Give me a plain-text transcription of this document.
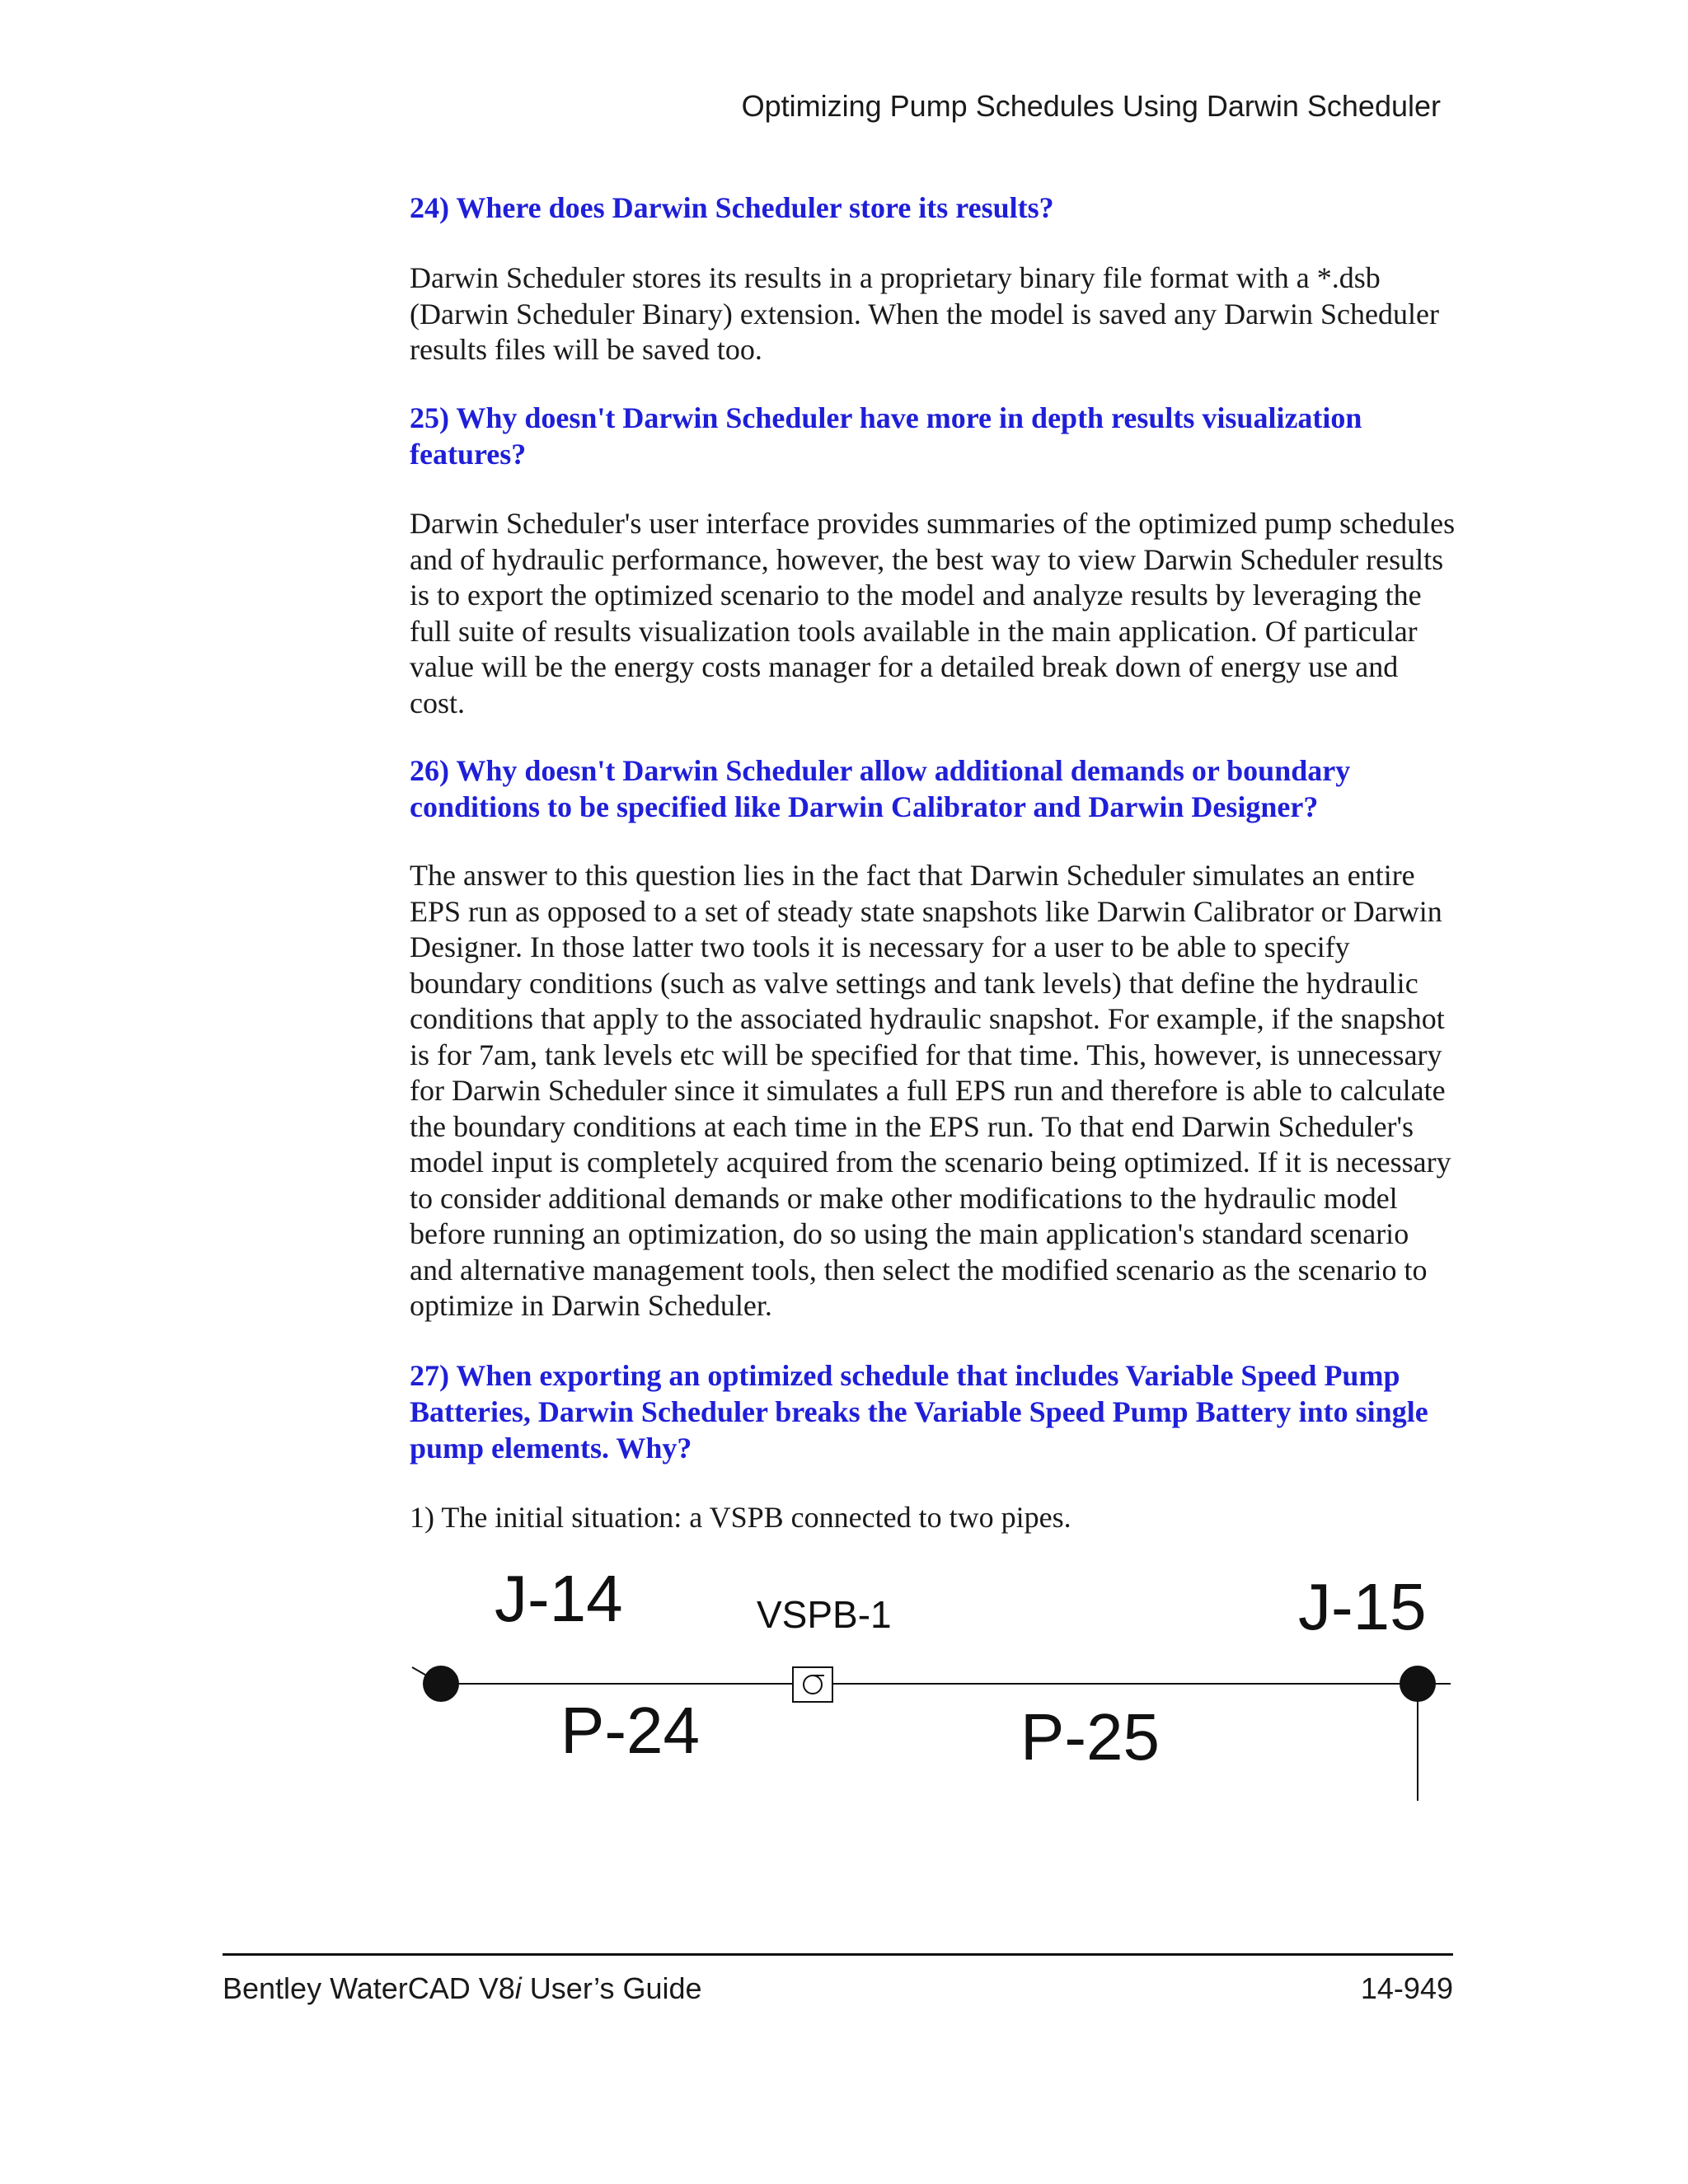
Optimizing Pump Schedules Using Darwin Scheduler
24) Where does Darwin Scheduler store its results?
Darwin Scheduler stores its results in a proprietary binary file format with a *.dsb (Darwin Scheduler Binary) extension. When the model is saved any Darwin Scheduler results files will be saved too.
25) Why doesn't Darwin Scheduler have more in depth results visualization features?
Darwin Scheduler's user interface provides summaries of the optimized pump schedules and of hydraulic performance, however, the best way to view Darwin Scheduler results is to export the optimized scenario to the model and analyze results by leveraging the full suite of results visualization tools available in the main application. Of particular value will be the energy costs manager for a detailed break down of energy use and cost.
26) Why doesn't Darwin Scheduler allow additional demands or boundary conditions to be specified like Darwin Calibrator and Darwin Designer?
The answer to this question lies in the fact that Darwin Scheduler simulates an entire EPS run as opposed to a set of steady state snapshots like Darwin Calibrator or Darwin Designer. In those latter two tools it is necessary for a user to be able to specify boundary conditions (such as valve settings and tank levels) that define the hydraulic conditions that apply to the associated hydraulic snapshot. For example, if the snapshot is for 7am, tank levels etc will be specified for that time. This, however, is unnecessary for Darwin Scheduler since it simulates a full EPS run and therefore is able to calculate the boundary conditions at each time in the EPS run. To that end Darwin Scheduler's model input is completely acquired from the scenario being optimized. If it is necessary to consider additional demands or make other modifications to the hydraulic model before running an optimization, do so using the main application's standard scenario and alternative management tools, then select the modified scenario as the scenario to optimize in Darwin Scheduler.
27) When exporting an optimized schedule that includes Variable Speed Pump Batteries, Darwin Scheduler breaks the Variable Speed Pump Battery into single pump elements. Why?
1) The initial situation: a VSPB connected to two pipes.
J-14	VSPB-1	J-15
P-24	P-25
Bentley WaterCAD V8i User’s Guide	14-949
